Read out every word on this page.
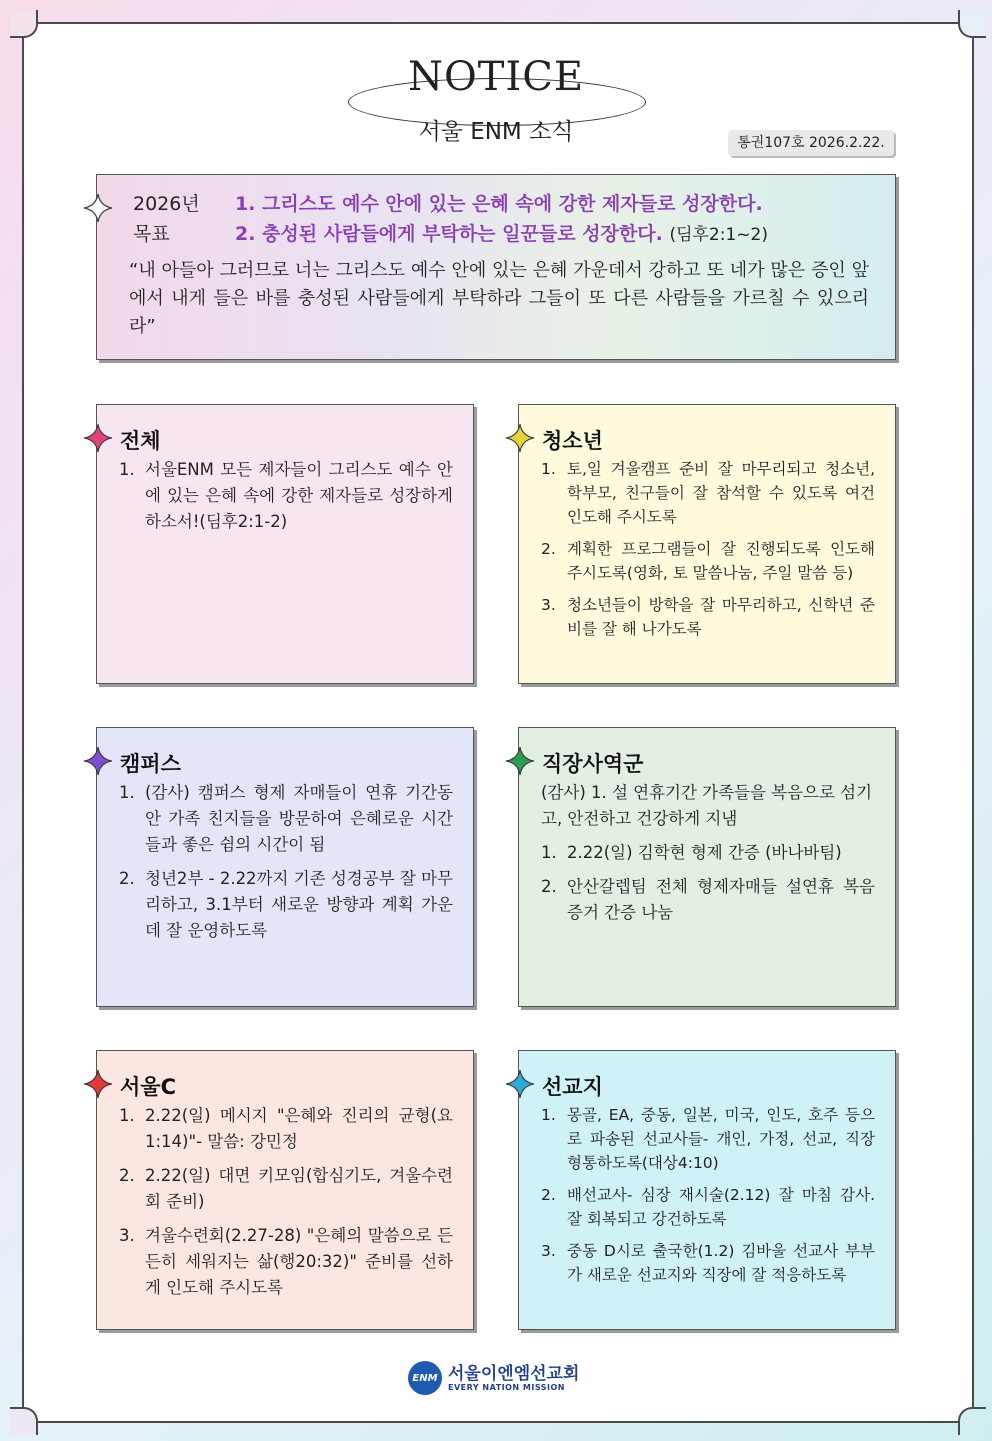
NOTICE
서울 ENM 소식	통권107호 2026.2.22.
2026년
목표
1. 그리스도 예수 안에 있는 은혜 속에 강한 제자들로 성장한다.
2. 충성된 사람들에게 부탁하는 일꾼들로 성장한다. (딤후2:1~2)
“내 아들아 그러므로 너는 그리스도 예수 안에 있는 은혜 가운데서 강하고 또 네가 많은 증인 앞에서 내게 들은 바를 충성된 사람들에게 부탁하라 그들이 또 다른 사람들을 가르칠 수 있으리라”
전체
1. 서울ENM 모든 제자들이 그리스도 예수 안에 있는 은혜 속에 강한 제자들로 성장하게 하소서!(딤후2:1-2)
청소년
1. 토,일 겨울캠프 준비 잘 마무리되고 청소년, 학부모, 친구들이 잘 참석할 수 있도록 여건 인도해 주시도록
2. 계획한 프로그램들이 잘 진행되도록 인도해 주시도록(영화, 토 말씀나눔, 주일 말씀 등)
3. 청소년들이 방학을 잘 마무리하고, 신학년 준비를 잘 해 나가도록
캠퍼스
1. (감사) 캠퍼스 형제 자매들이 연휴 기간동안 가족 친지들을 방문하여 은혜로운 시간들과 좋은 쉼의 시간이 됨
2. 청년2부 - 2.22까지 기존 성경공부 잘 마무리하고, 3.1부터 새로운 방향과 계획 가운데 잘 운영하도록
직장사역군
(감사) 1. 설 연휴기간 가족들을 복음으로 섬기고, 안전하고 건강하게 지냄
1. 2.22(일) 김학현 형제 간증 (바나바팀)
2. 안산갈렙팀 전체 형제자매들 설연휴 복음 증거 간증 나눔
서울C
1. 2.22(일) 메시지 "은혜와 진리의 균형(요1:14)"- 말씀: 강민정
2. 2.22(일) 대면 키모임(합심기도, 겨울수련회 준비)
3. 겨울수련회(2.27-28) "은혜의 말씀으로 든든히 세워지는 삶(행20:32)" 준비를 선하게 인도해 주시도록
선교지
1. 몽골, EA, 중동, 일본, 미국, 인도, 호주 등으로 파송된 선교사들- 개인, 가정, 선교, 직장 형통하도록(대상4:10)
2. 배선교사- 심장 재시술(2.12) 잘 마침 감사. 잘 회복되고 강건하도록
3. 중동 D시로 출국한(1.2) 김바울 선교사 부부가 새로운 선교지와 직장에 잘 적응하도록
ENM 서울이엔엠선교회
EVERY NATION MISSION
